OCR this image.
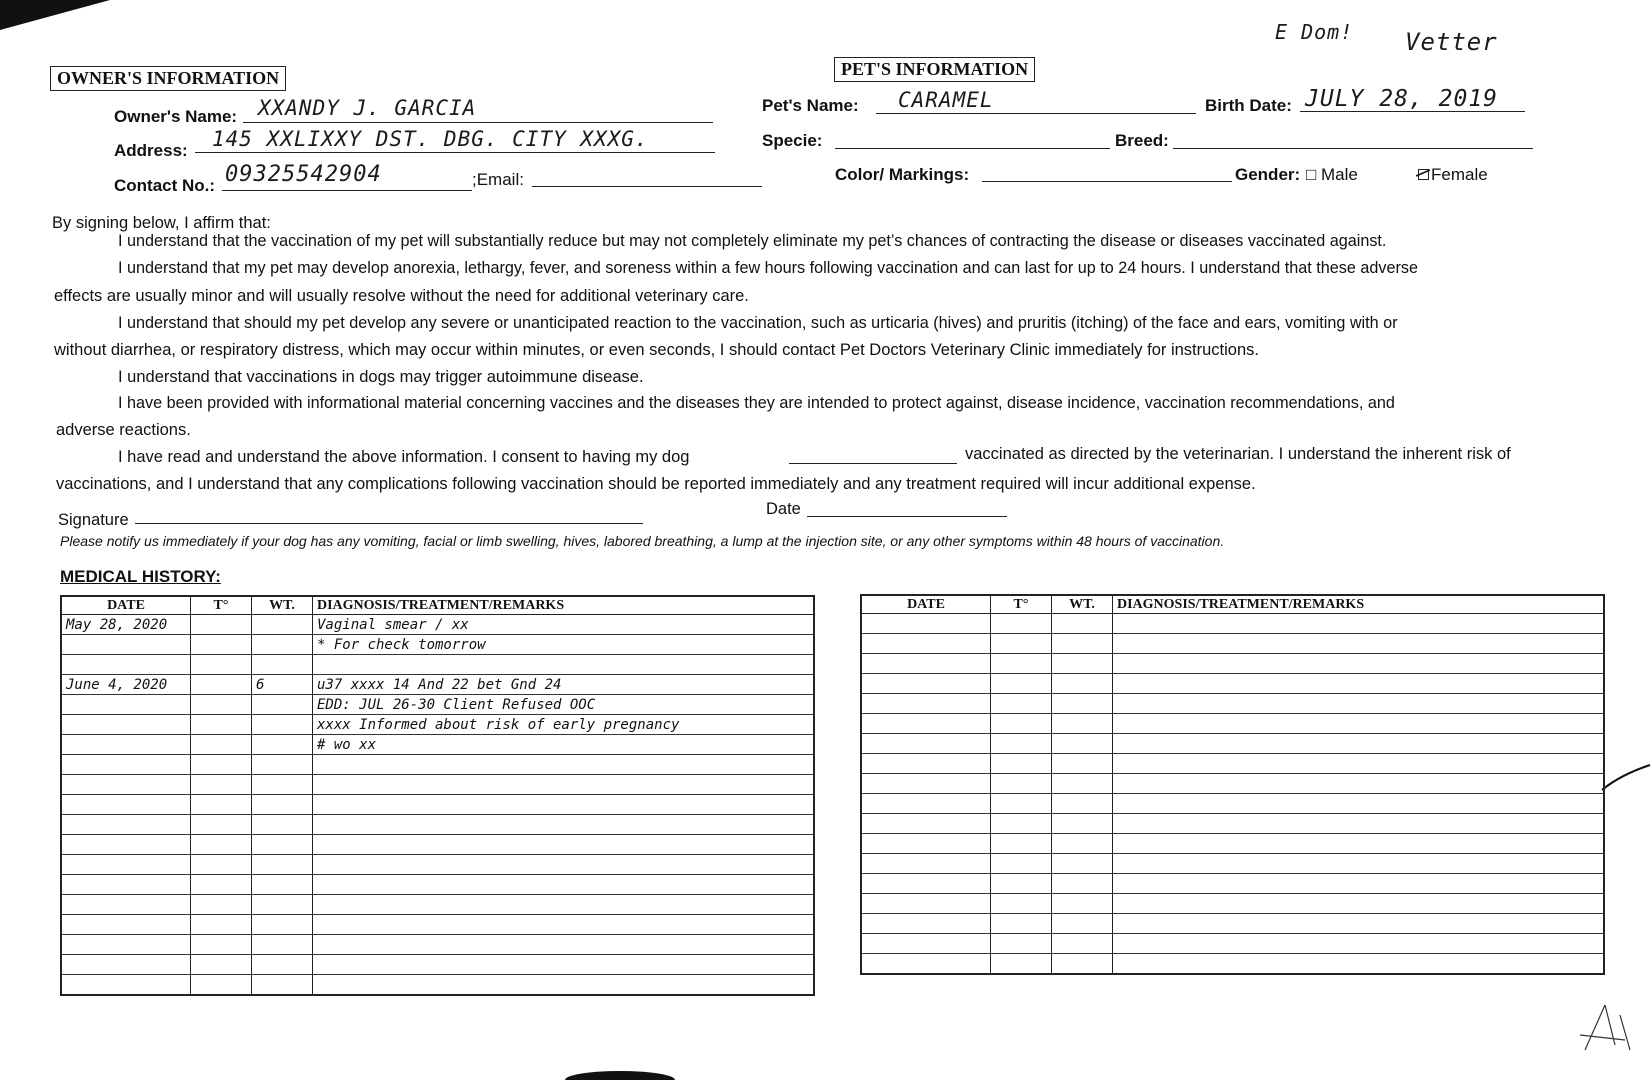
E Dom! Vetter
OWNER'S INFORMATION
Owner's Name: XXANDY J. GARCIA
Address: 145 XXLIXXY DST. DBG. CITY XXXG.
Contact No.: 09325542904	;Email:
PET'S INFORMATION
Pet's Name: CARAMEL	Birth Date: JULY 28, 2019
Specie:	Breed:
Color/ Markings:	Gender: □ Male	Female
By signing below, I affirm that:
I understand that the vaccination of my pet will substantially reduce but may not completely eliminate my pet’s chances of contracting the disease or diseases vaccinated against.
I understand that my pet may develop anorexia, lethargy, fever, and soreness within a few hours following vaccination and can last for up to 24 hours. I understand that these adverse
effects are usually minor and will usually resolve without the need for additional veterinary care.
I understand that should my pet develop any severe or unanticipated reaction to the vaccination, such as urticaria (hives) and pruritis (itching) of the face and ears, vomiting with or
without diarrhea, or respiratory distress, which may occur within minutes, or even seconds, I should contact Pet Doctors Veterinary Clinic immediately for instructions.
I understand that vaccinations in dogs may trigger autoimmune disease.
I have been provided with informational material concerning vaccines and the diseases they are intended to protect against, disease incidence, vaccination recommendations, and
adverse reactions.
I have read and understand the above information. I consent to having my dog	vaccinated as directed by the veterinarian. I understand the inherent risk of
vaccinations, and I understand that any complications following vaccination should be reported immediately and any treatment required will incur additional expense.
Signature
Date
Please notify us immediately if your dog has any vomiting, facial or limb swelling, hives, labored breathing, a lump at the injection site, or any other symptoms within 48 hours of vaccination.
MEDICAL HISTORY:
DATE	T°	WT.	DIAGNOSIS/TREATMENT/REMARKS
May 28, 2020			Vaginal smear / xx
			* For check tomorrow

June 4, 2020		6	u37 xxxx 14 And 22 bet Gnd 24
			EDD: JUL 26-30 Client Refused OOC
			xxxx Informed about risk of early pregnancy
			# wo xx

DATE	T°	WT.	DIAGNOSIS/TREATMENT/REMARKS
